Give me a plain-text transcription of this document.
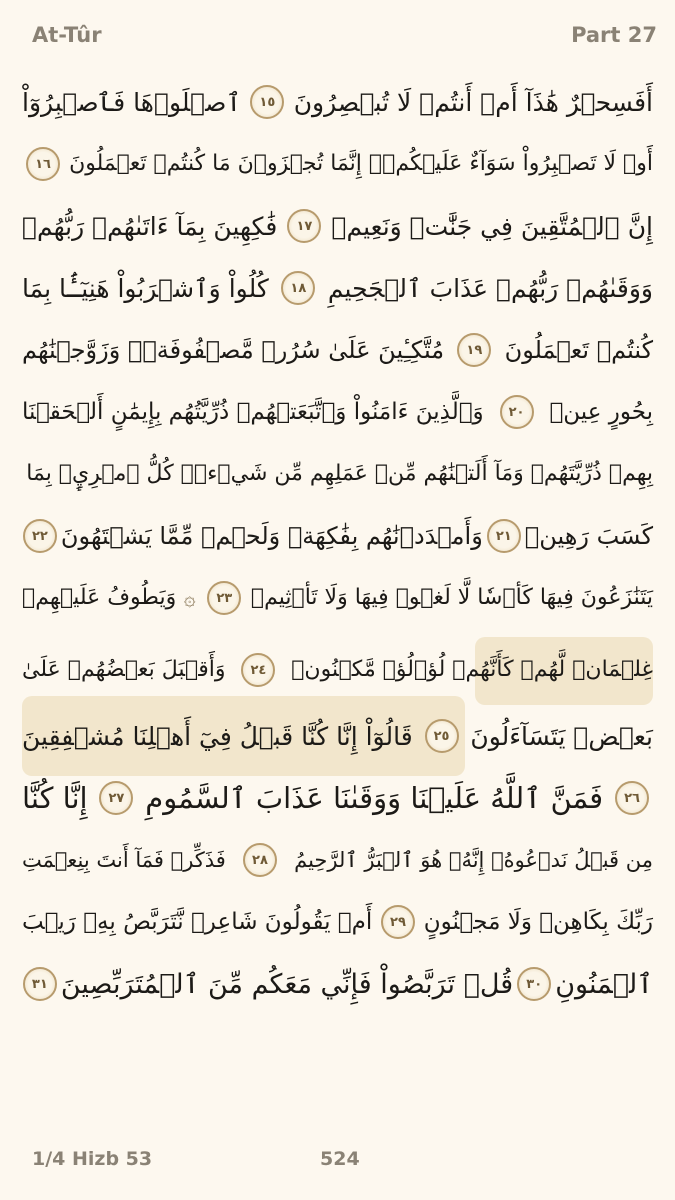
At-Tûr	Part 27
أَفَسِحۡرٌ هَٰذَآ أَمۡ أَنتُمۡ لَا تُبۡصِرُونَ
١٥
ٱصۡلَوۡهَا فَٱصۡبِرُوٓاْ
أَوۡ لَا تَصۡبِرُواْ سَوَآءٌ عَلَيۡكُمۡۖ إِنَّمَا تُجۡزَوۡنَ مَا كُنتُمۡ تَعۡمَلُونَ
١٦
إِنَّ ٱلۡمُتَّقِينَ فِي جَنَّٰتٖ وَنَعِيمٖ
١٧
فَٰكِهِينَ بِمَآ ءَاتَىٰهُمۡ رَبُّهُمۡ
وَوَقَىٰهُمۡ رَبُّهُمۡ عَذَابَ ٱلۡجَحِيمِ
١٨
كُلُواْ وَٱشۡرَبُواْ هَنِيٓـَٔۢا بِمَا
كُنتُمۡ تَعۡمَلُونَ
١٩
مُتَّكِـِٔينَ عَلَىٰ سُرُرٖ مَّصۡفُوفَةٖۖ وَزَوَّجۡنَٰهُم
بِحُورٍ عِينٖ
٢٠
وَٱلَّذِينَ ءَامَنُواْ وَٱتَّبَعَتۡهُمۡ ذُرِّيَّتُهُم بِإِيمَٰنٍ أَلۡحَقۡنَا
بِهِمۡ ذُرِّيَّتَهُمۡ وَمَآ أَلَتۡنَٰهُم مِّنۡ عَمَلِهِم مِّن شَيۡءٖۚ كُلُّ ٱمۡرِيِٕۭ بِمَا
كَسَبَ رَهِينٞ
٢١
وَأَمۡدَدۡنَٰهُم بِفَٰكِهَةٖ وَلَحۡمٖ مِّمَّا يَشۡتَهُونَ
٢٢
يَتَنَٰزَعُونَ فِيهَا كَأۡسٗا لَّا لَغۡوٞ فِيهَا وَلَا تَأۡثِيمٞ
٢٣
۞
وَيَطُوفُ عَلَيۡهِمۡ
غِلۡمَانٞ لَّهُمۡ كَأَنَّهُمۡ لُؤۡلُؤٞ مَّكۡنُونٞ
٢٤
وَأَقۡبَلَ بَعۡضُهُمۡ عَلَىٰ
بَعۡضٖ يَتَسَآءَلُونَ
٢٥
قَالُوٓاْ إِنَّا كُنَّا قَبۡلُ فِيٓ أَهۡلِنَا مُشۡفِقِينَ
٢٦
فَمَنَّ ٱللَّهُ عَلَيۡنَا وَوَقَىٰنَا عَذَابَ ٱلسَّمُومِ
٢٧
إِنَّا كُنَّا
مِن قَبۡلُ نَدۡعُوهُۖ إِنَّهُۥ هُوَ ٱلۡبَرُّ ٱلرَّحِيمُ
٢٨
فَذَكِّرۡ فَمَآ أَنتَ بِنِعۡمَتِ
رَبِّكَ بِكَاهِنٖ وَلَا مَجۡنُونٍ
٢٩
أَمۡ يَقُولُونَ شَاعِرٞ نَّتَرَبَّصُ بِهِۦ رَيۡبَ
ٱلۡمَنُونِ
٣٠
قُلۡ تَرَبَّصُواْ فَإِنِّي مَعَكُم مِّنَ ٱلۡمُتَرَبِّصِينَ
٣١
1/4 Hizb 53	524
